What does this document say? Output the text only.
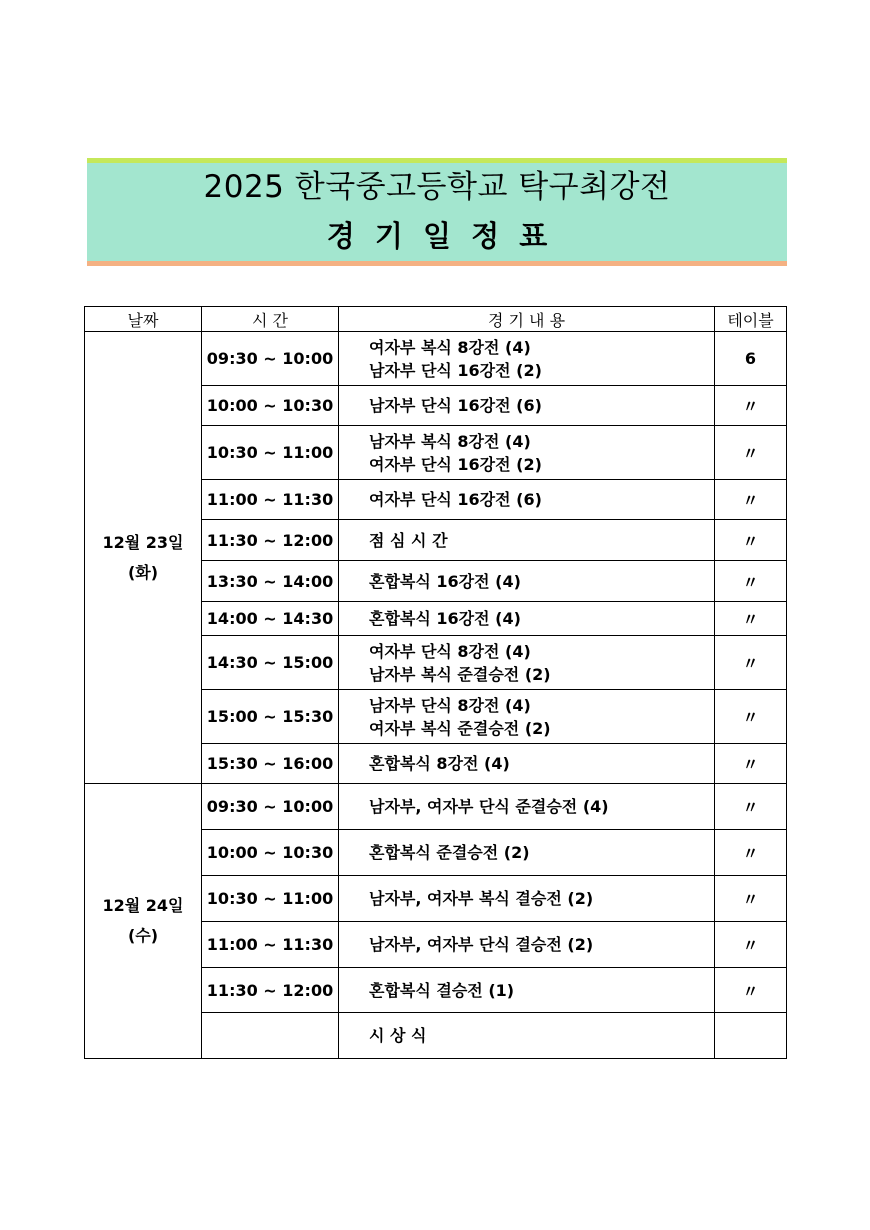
2025 한국중고등학교 탁구최강전
경 기 일 정 표
날짜	시 간	경 기 내 용	테이블

12월 23일
(화)	09:30 ~ 10:00	여자부 복식 8강전 (4)
남자부 단식 16강전 (2)	6
	10:00 ~ 10:30	남자부 단식 16강전 (6)	〃
	10:30 ~ 11:00	남자부 복식 8강전 (4)
여자부 단식 16강전 (2)	〃
	11:00 ~ 11:30	여자부 단식 16강전 (6)	〃
	11:30 ~ 12:00	점 심 시 간	〃
	13:30 ~ 14:00	혼합복식 16강전 (4)	〃
	14:00 ~ 14:30	혼합복식 16강전 (4)	〃
	14:30 ~ 15:00	여자부 단식 8강전 (4)
남자부 복식 준결승전 (2)	〃
	15:00 ~ 15:30	남자부 단식 8강전 (4)
여자부 복식 준결승전 (2)	〃
	15:30 ~ 16:00	혼합복식 8강전 (4)	〃

12월 24일
(수)	09:30 ~ 10:00	남자부, 여자부 단식 준결승전 (4)	〃
	10:00 ~ 10:30	혼합복식 준결승전 (2)	〃
	10:30 ~ 11:00	남자부, 여자부 복식 결승전 (2)	〃
	11:00 ~ 11:30	남자부, 여자부 단식 결승전 (2)	〃
	11:30 ~ 12:00	혼합복식 결승전 (1)	〃

		시 상 식	
